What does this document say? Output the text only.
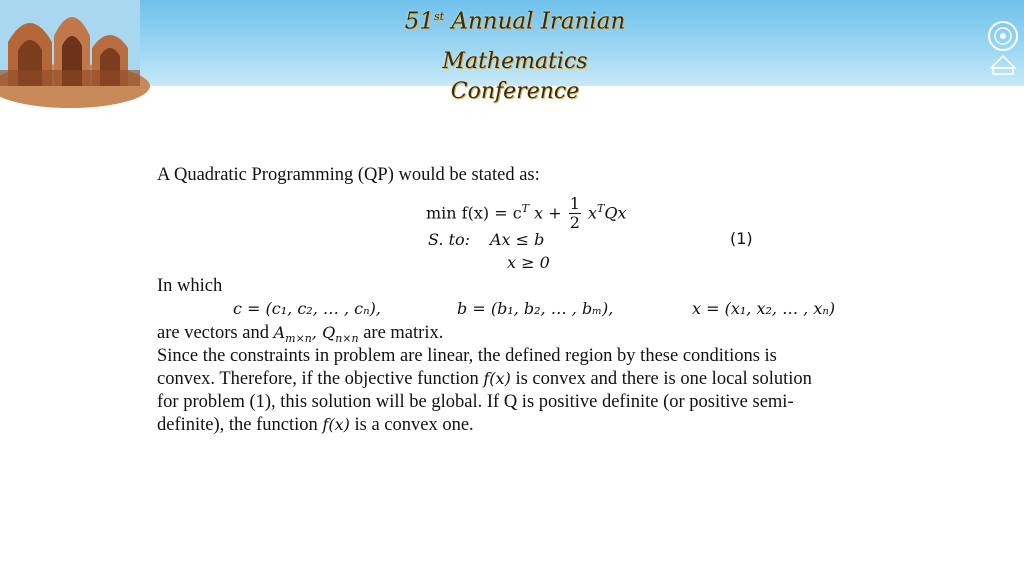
51st Annual Iranian
Mathematics Conference
A Quadratic Programming (QP) would be stated as:
$\min f(x) = c^T$ $x + \frac{1}{2} x^TQx$
S. to: Ax ≤ b
x ≥ 0
(1)
In which
c = (c₁, c₂, … , cₙ),	b = (b₁, b₂, … , bₘ),	x = (x₁, x₂, … , xₙ)
are vectors and $A_{m\times n}$, $Q_{n\times n}$ are matrix.
Since the constraints in problem are linear, the defined region by these conditions is
convex. Therefore, if the objective function f(x) is convex and there is one local solution
for problem (1), this solution will be global. If Q is positive definite (or positive semi-
definite), the function f(x) is a convex one.
